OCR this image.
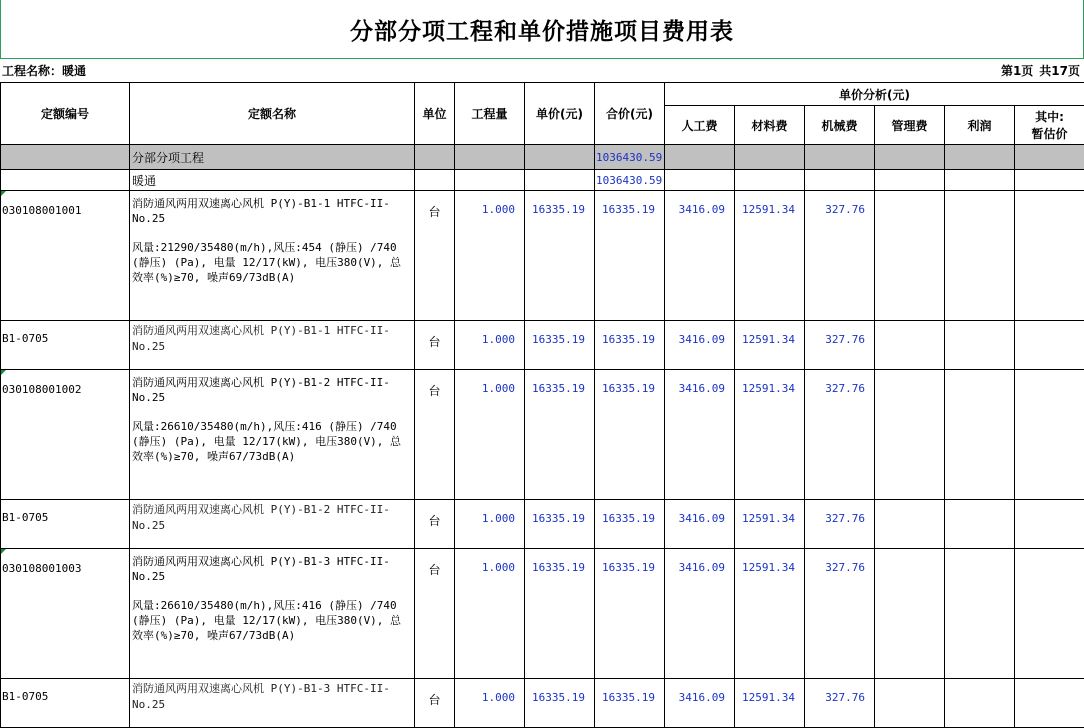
分部分项工程和单价措施项目费用表
工程名称：暖通	第1页 共17页
定额编号	定额名称	单位	工程量	单价(元)	合价(元)	单价分析(元)					
						人工费	材料费	机械费	管理费	利润	其中:
暂估价
	分部分项工程				1036430.59						
	暖通				1036430.59						
030108001001	消防通风两用双速离心风机 P(Y)-B1-1 HTFC-II-No.25
风量:21290/35480(m/h),风压:454 (静压) /740 (静压) (Pa), 电量 12/17(kW), 电压380(V), 总效率(%)≥70, 噪声69/73dB(A)	台	1.000	16335.19	16335.19	3416.09	12591.34	327.76			
B1-0705	消防通风两用双速离心风机 P(Y)-B1-1 HTFC-II-No.25	台	1.000	16335.19	16335.19	3416.09	12591.34	327.76			
030108001002	消防通风两用双速离心风机 P(Y)-B1-2 HTFC-II-No.25
风量:26610/35480(m/h),风压:416 (静压) /740 (静压) (Pa), 电量 12/17(kW), 电压380(V), 总效率(%)≥70, 噪声67/73dB(A)	台	1.000	16335.19	16335.19	3416.09	12591.34	327.76			
B1-0705	消防通风两用双速离心风机 P(Y)-B1-2 HTFC-II-No.25	台	1.000	16335.19	16335.19	3416.09	12591.34	327.76			
030108001003	消防通风两用双速离心风机 P(Y)-B1-3 HTFC-II-No.25
风量:26610/35480(m/h),风压:416 (静压) /740 (静压) (Pa), 电量 12/17(kW), 电压380(V), 总效率(%)≥70, 噪声67/73dB(A)	台	1.000	16335.19	16335.19	3416.09	12591.34	327.76			
B1-0705	消防通风两用双速离心风机 P(Y)-B1-3 HTFC-II-No.25	台	1.000	16335.19	16335.19	3416.09	12591.34	327.76			
